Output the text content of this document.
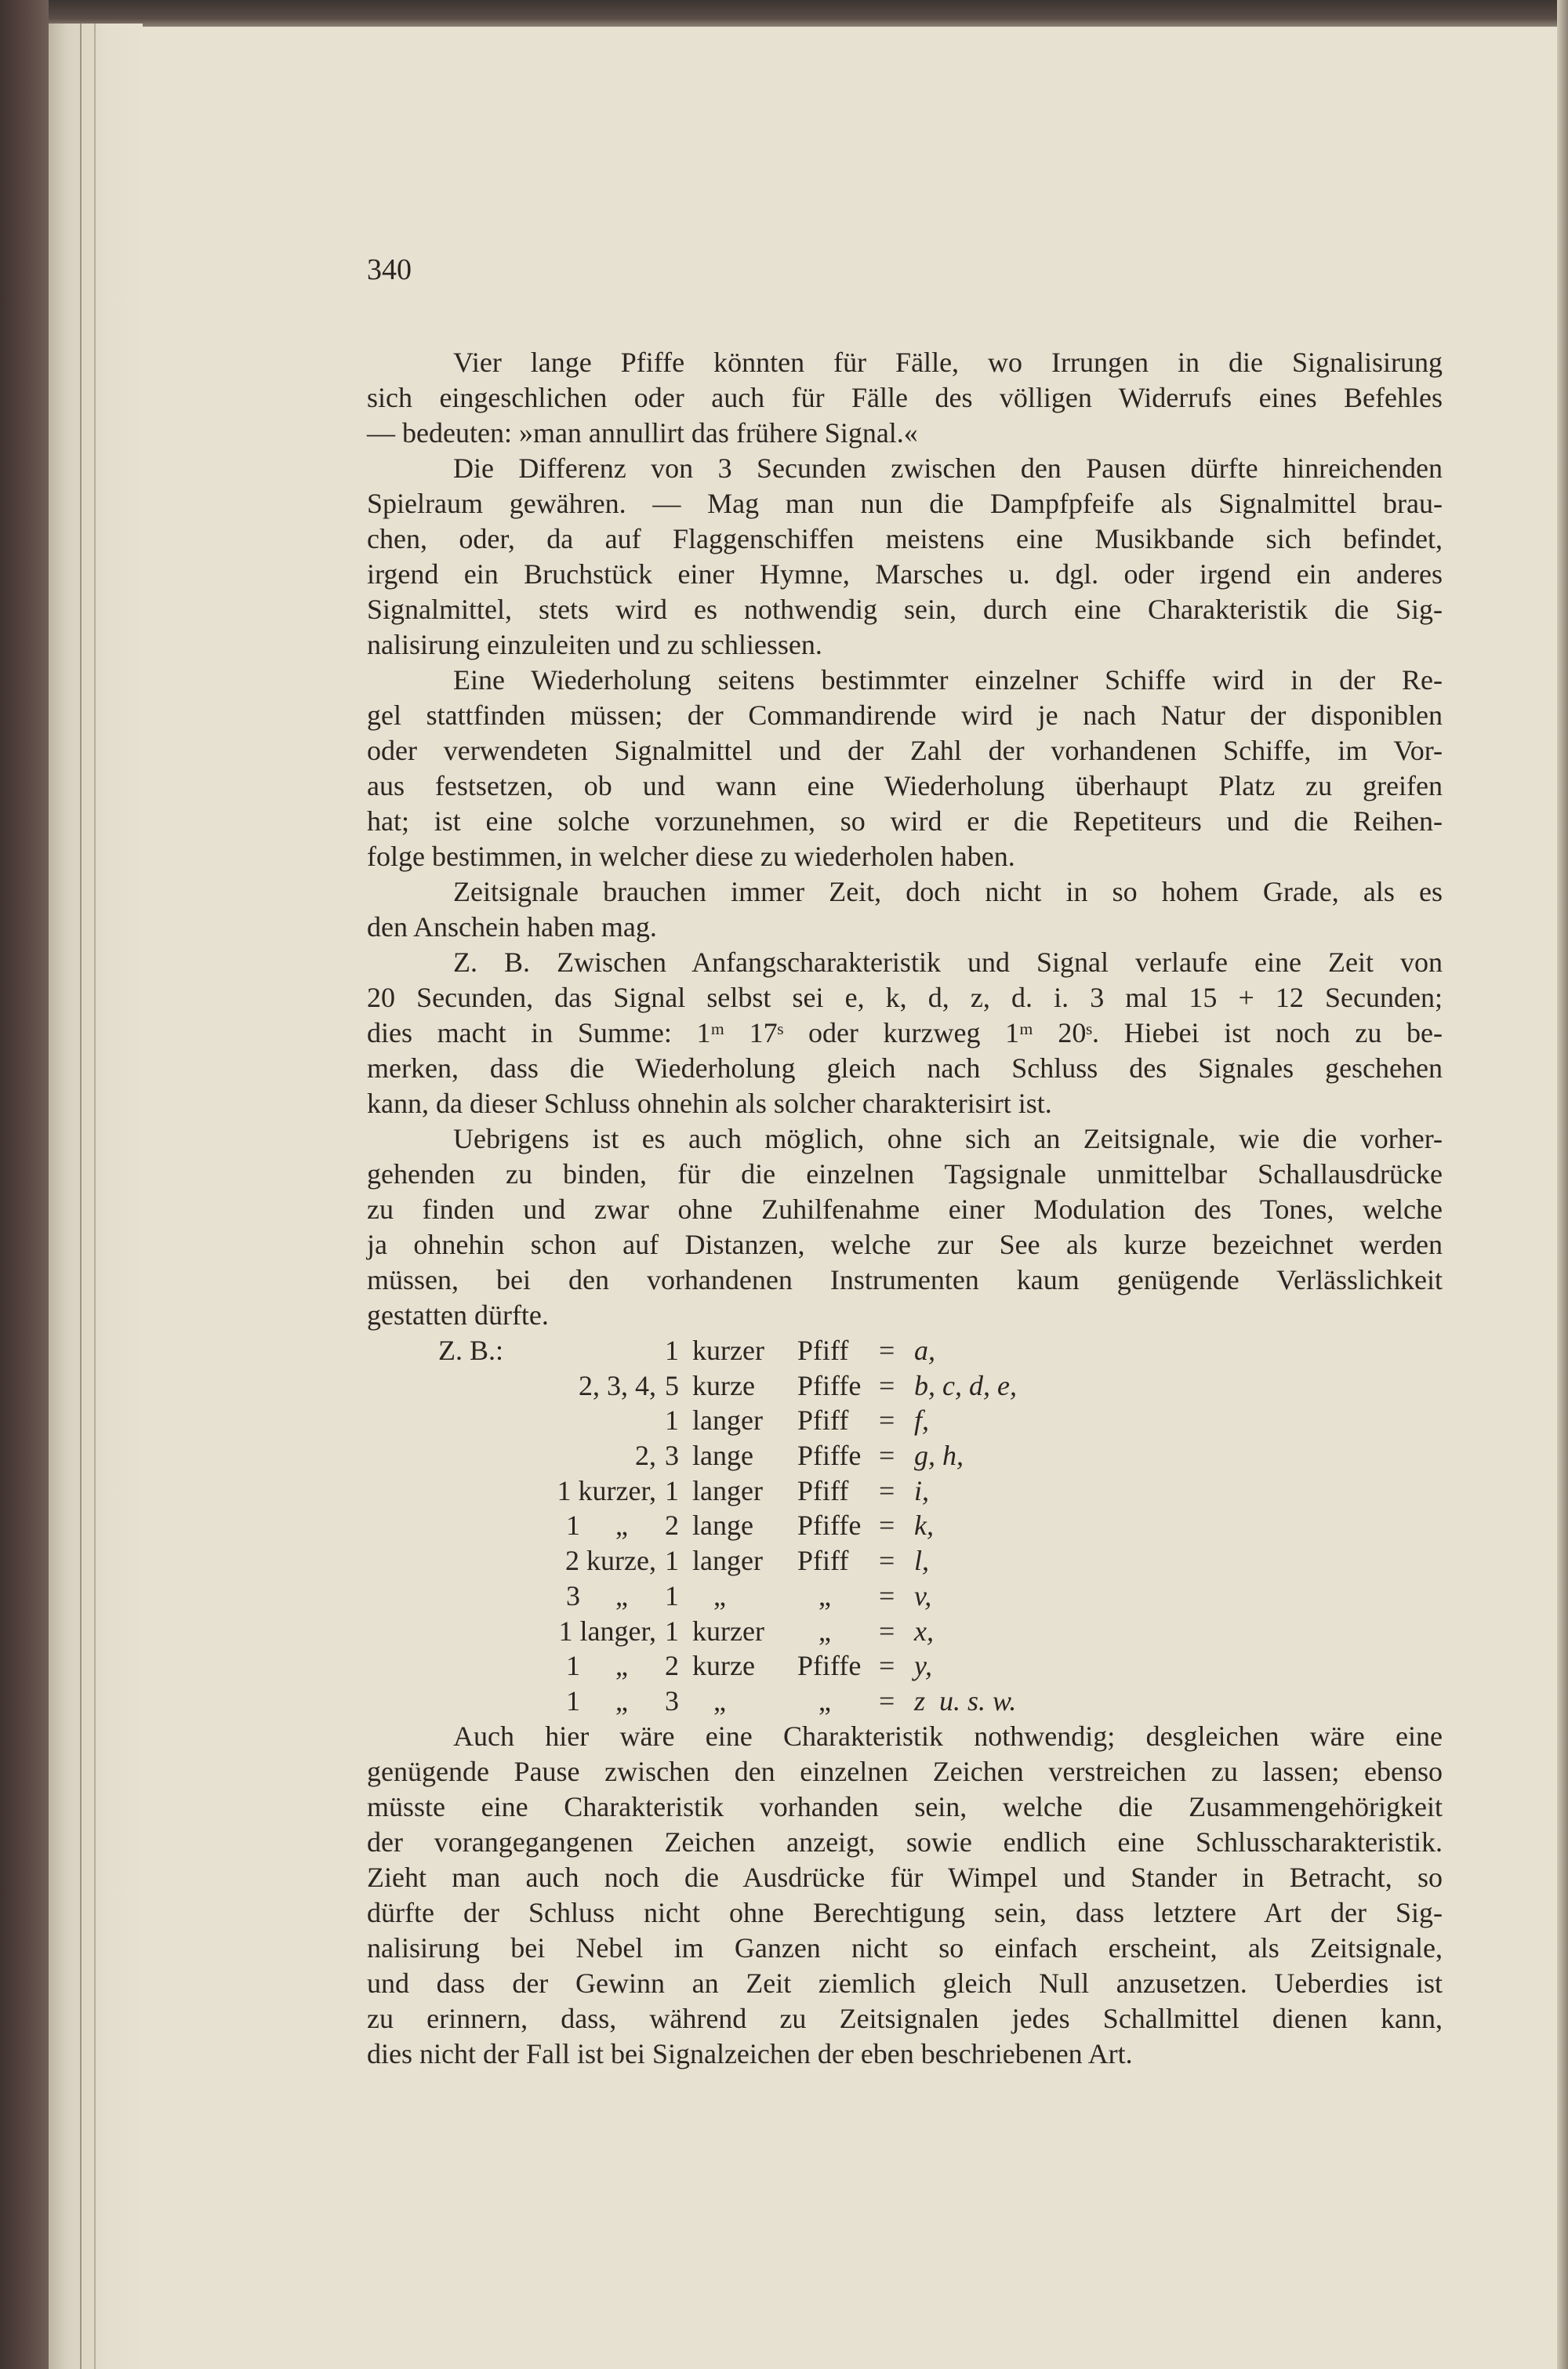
340
Vier lange Pfiffe könnten für Fälle, wo Irrungen in die Signalisirung
sich eingeschlichen oder auch für Fälle des völligen Widerrufs eines Befehles
— bedeuten: »man annullirt das frühere Signal.«
Die Differenz von 3 Secunden zwischen den Pausen dürfte hinreichenden
Spielraum gewähren. — Mag man nun die Dampfpfeife als Signalmittel brau-
chen, oder, da auf Flaggenschiffen meistens eine Musikbande sich befindet,
irgend ein Bruchstück einer Hymne, Marsches u. dgl. oder irgend ein anderes
Signalmittel, stets wird es nothwendig sein, durch eine Charakteristik die Sig-
nalisirung einzuleiten und zu schliessen.
Eine Wiederholung seitens bestimmter einzelner Schiffe wird in der Re-
gel stattfinden müssen; der Commandirende wird je nach Natur der disponiblen
oder verwendeten Signalmittel und der Zahl der vorhandenen Schiffe, im Vor-
aus festsetzen, ob und wann eine Wiederholung überhaupt Platz zu greifen
hat; ist eine solche vorzunehmen, so wird er die Repetiteurs und die Reihen-
folge bestimmen, in welcher diese zu wiederholen haben.
Zeitsignale brauchen immer Zeit, doch nicht in so hohem Grade, als es
den Anschein haben mag.
Z. B. Zwischen Anfangscharakteristik und Signal verlaufe eine Zeit von
20 Secunden, das Signal selbst sei e, k, d, z, d. i. 3 mal 15 + 12 Secunden;
dies macht in Summe: 1ᵐ 17ˢ oder kurzweg 1ᵐ 20ˢ. Hiebei ist noch zu be-
merken, dass die Wiederholung gleich nach Schluss des Signales geschehen
kann, da dieser Schluss ohnehin als solcher charakterisirt ist.
Uebrigens ist es auch möglich, ohne sich an Zeitsignale, wie die vorher-
gehenden zu binden, für die einzelnen Tagsignale unmittelbar Schallausdrücke
zu finden und zwar ohne Zuhilfenahme einer Modulation des Tones, welche
ja ohnehin schon auf Distanzen, welche zur See als kurze bezeichnet werden
müssen, bei den vorhandenen Instrumenten kaum genügende Verlässlichkeit
gestatten dürfte.
Z. B.:	1 kurzer Pfiff = a,
2, 3, 4, 5 kurze Pfiffe = b, c, d, e,
1 langer Pfiff = f,
2, 3 lange Pfiffe = g, h,
1 kurzer, 1 langer Pfiff = i,
1     „ 2 lange Pfiffe = k,
2 kurze, 1 langer Pfiff = l,
3     „ 1 „	„ = v,
1 langer, 1 kurzer „ = x,
1     „ 2 kurze Pfiffe = y,
1     „ 3 „	„ = z  u. s. w.
Auch hier wäre eine Charakteristik nothwendig; desgleichen wäre eine
genügende Pause zwischen den einzelnen Zeichen verstreichen zu lassen; ebenso
müsste eine Charakteristik vorhanden sein, welche die Zusammengehörigkeit
der vorangegangenen Zeichen anzeigt, sowie endlich eine Schlusscharakteristik.
Zieht man auch noch die Ausdrücke für Wimpel und Stander in Betracht, so
dürfte der Schluss nicht ohne Berechtigung sein, dass letztere Art der Sig-
nalisirung bei Nebel im Ganzen nicht so einfach erscheint, als Zeitsignale,
und dass der Gewinn an Zeit ziemlich gleich Null anzusetzen. Ueberdies ist
zu erinnern, dass, während zu Zeitsignalen jedes Schallmittel dienen kann,
dies nicht der Fall ist bei Signalzeichen der eben beschriebenen Art.
